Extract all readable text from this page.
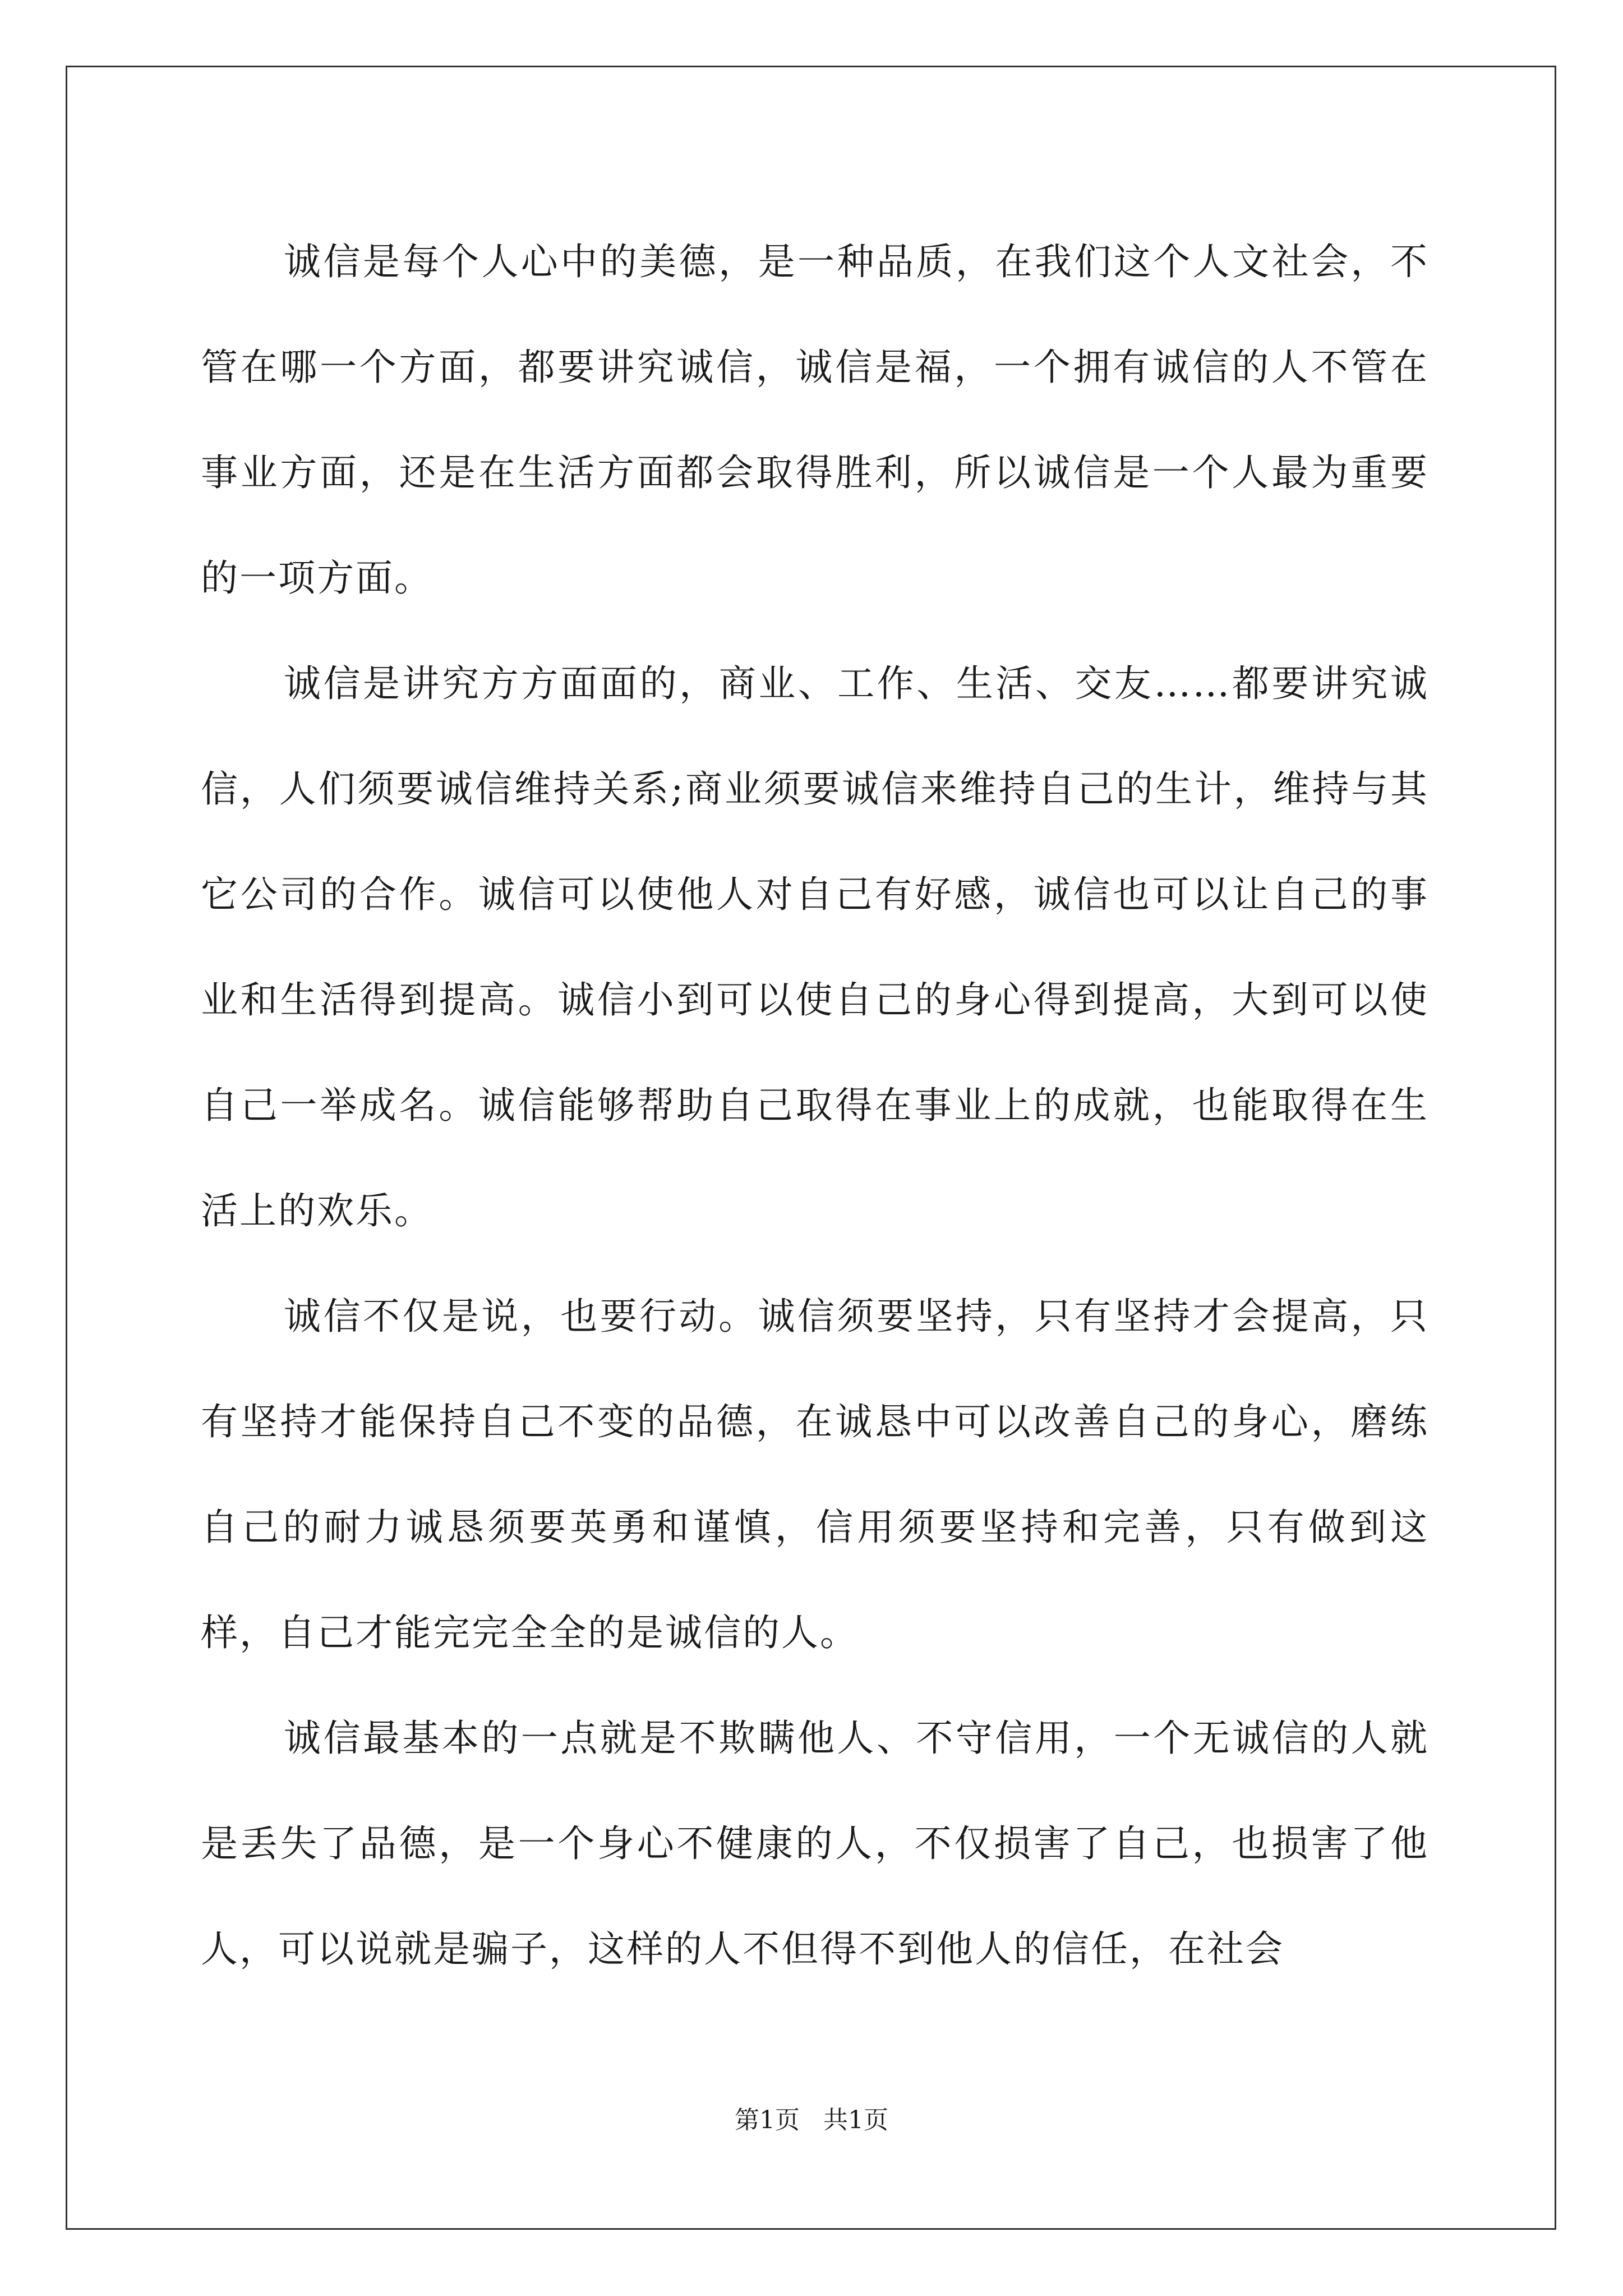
诚信是每个人心中的美德，是一种品质，在我们这个人文社会，不管在哪一个方面，都要讲究诚信，诚信是福，一个拥有诚信的人不管在事业方面，还是在生活方面都会取得胜利，所以诚信是一个人最为重要的一项方面。

诚信是讲究方方面面的，商业、工作、生活、交友……都要讲究诚信，人们须要诚信维持关系;商业须要诚信来维持自己的生计，维持与其它公司的合作。诚信可以使他人对自己有好感，诚信也可以让自己的事业和生活得到提高。诚信小到可以使自己的身心得到提高，大到可以使自己一举成名。诚信能够帮助自己取得在事业上的成就，也能取得在生活上的欢乐。

诚信不仅是说，也要行动。诚信须要坚持，只有坚持才会提高，只有坚持才能保持自己不变的品德，在诚恳中可以改善自己的身心，磨练自己的耐力诚恳须要英勇和谨慎，信用须要坚持和完善，只有做到这样，自己才能完完全全的是诚信的人。

诚信最基本的一点就是不欺瞒他人、不守信用，一个无诚信的人就是丢失了品德，是一个身心不健康的人，不仅损害了自己，也损害了他人，可以说就是骗子，这样的人不但得不到他人的信任，在社会

第1页   共1页
